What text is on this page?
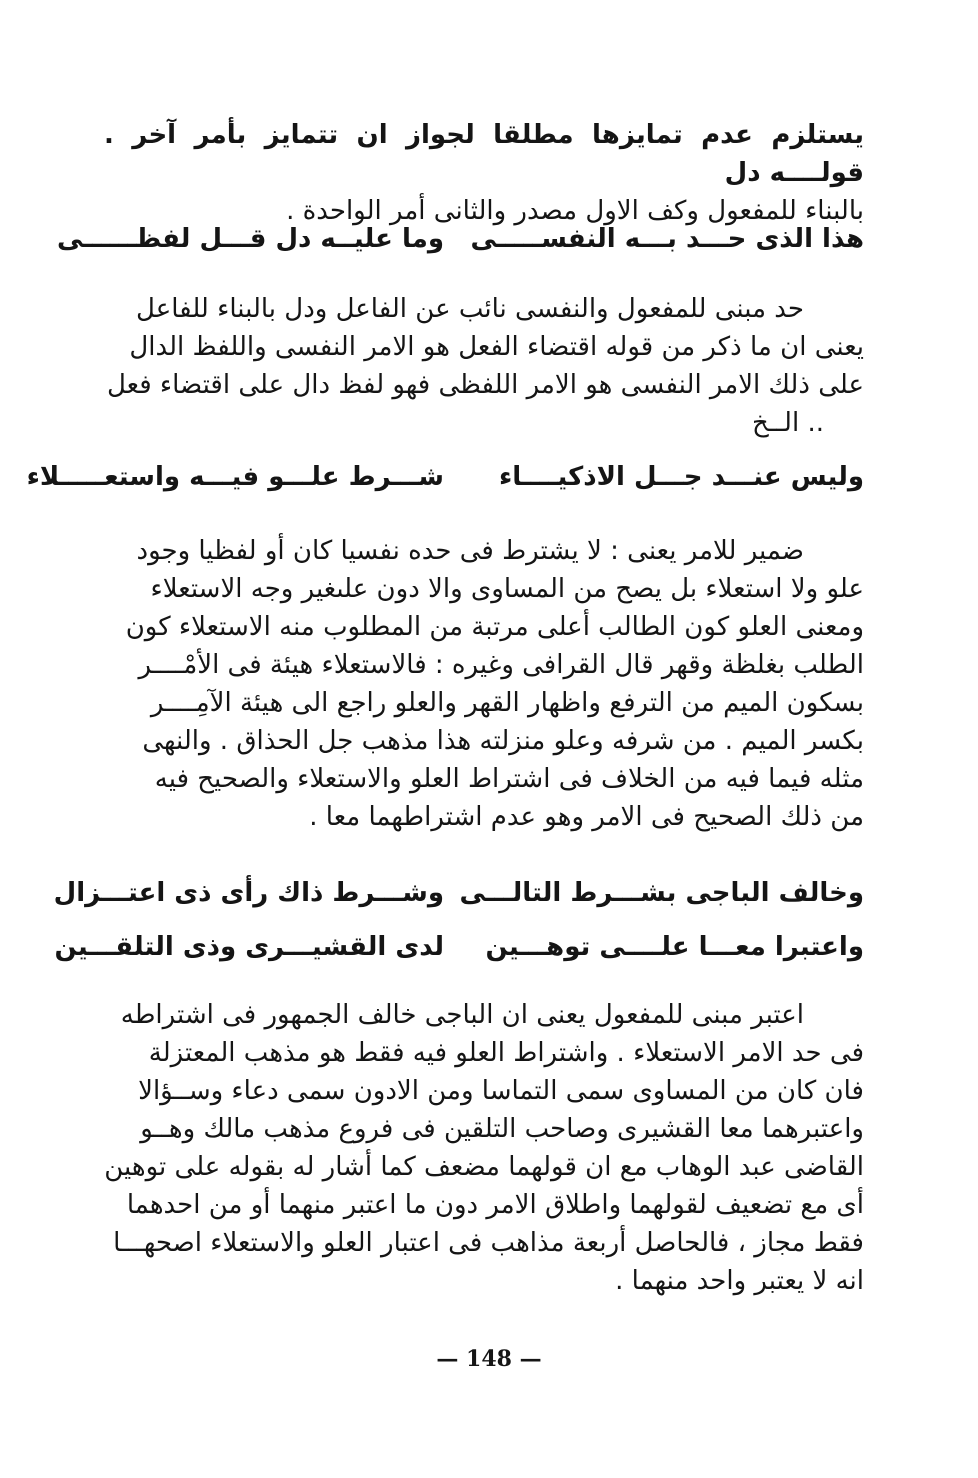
يستلزم عدم تمايزها مطلقا لجواز ان تتمايز بأمر آخر . قولــــه دل

بالبناء للمفعول وكف الاول مصدر والثانى أمر الواحدة .

هذا الذى حـــد بـــه النفســـــى
وما عليــه دل قـــل لفظــــــى

حد مبنى للمفعول والنفسى نائب عن الفاعل ودل بالبناء للفاعل

يعنى ان ما ذكر من قوله اقتضاء الفعل هو الامر النفسى واللفظ الدال

على ذلك الامر النفسى هو الامر اللفظى فهو لفظ دال على اقتضاء فعل

.. الــخ

وليس عنـــد جـــل الاذكيــــاء
شـــرط علـــو فيـــه واستعـــــلاء

ضمير للامر يعنى : لا يشترط فى حده نفسيا كان أو لفظيا وجود

علو ولا استعلاء بل يصح من المساوى والا دون علىغير وجه الاستعلاء

ومعنى العلو كون الطالب أعلى مرتبة من المطلوب منه الاستعلاء كون

الطلب بغلظة وقهر قال القرافى وغيره : فالاستعلاء هيئة فى الأمْــــر

بسكون الميم من الترفع واظهار القهر والعلو راجع الى هيئة الآمِــــر

بكسر الميم . من شرفه وعلو منزلته هذا مذهب جل الحذاق . والنهى

مثله فيما فيه من الخلاف فى اشتراط العلو والاستعلاء والصحيح فيه

من ذلك الصحيح فى الامر وهو عدم اشتراطهما معا .

وخالف الباجى بشـــرط التالـــى
وشـــرط ذاك رأى ذى اعتـــزال
واعتبرا معـــا علــــى توهـــين
لدى القشيـــرى وذى التلقـــين

اعتبر مبنى للمفعول يعنى ان الباجى خالف الجمهور فى اشتراطه

فى حد الامر الاستعلاء . واشتراط العلو فيه فقط هو مذهب المعتزلة

فان كان من المساوى سمى التماسا ومن الادون سمى دعاء وســؤالا

واعتبرهما معا القشيرى وصاحب التلقين فى فروع مذهب مالك وهــو

القاضى عبد الوهاب مع ان قولهما مضعف كما أشار له بقوله على توهين

أى مع تضعيف لقولهما واطلاق الامر دون ما اعتبر منهما أو من احدهما

فقط مجاز ، فالحاصل أربعة مذاهب فى اعتبار العلو والاستعلاء اصحهـــا

انه لا يعتبر واحد منهما .

— 148 —
